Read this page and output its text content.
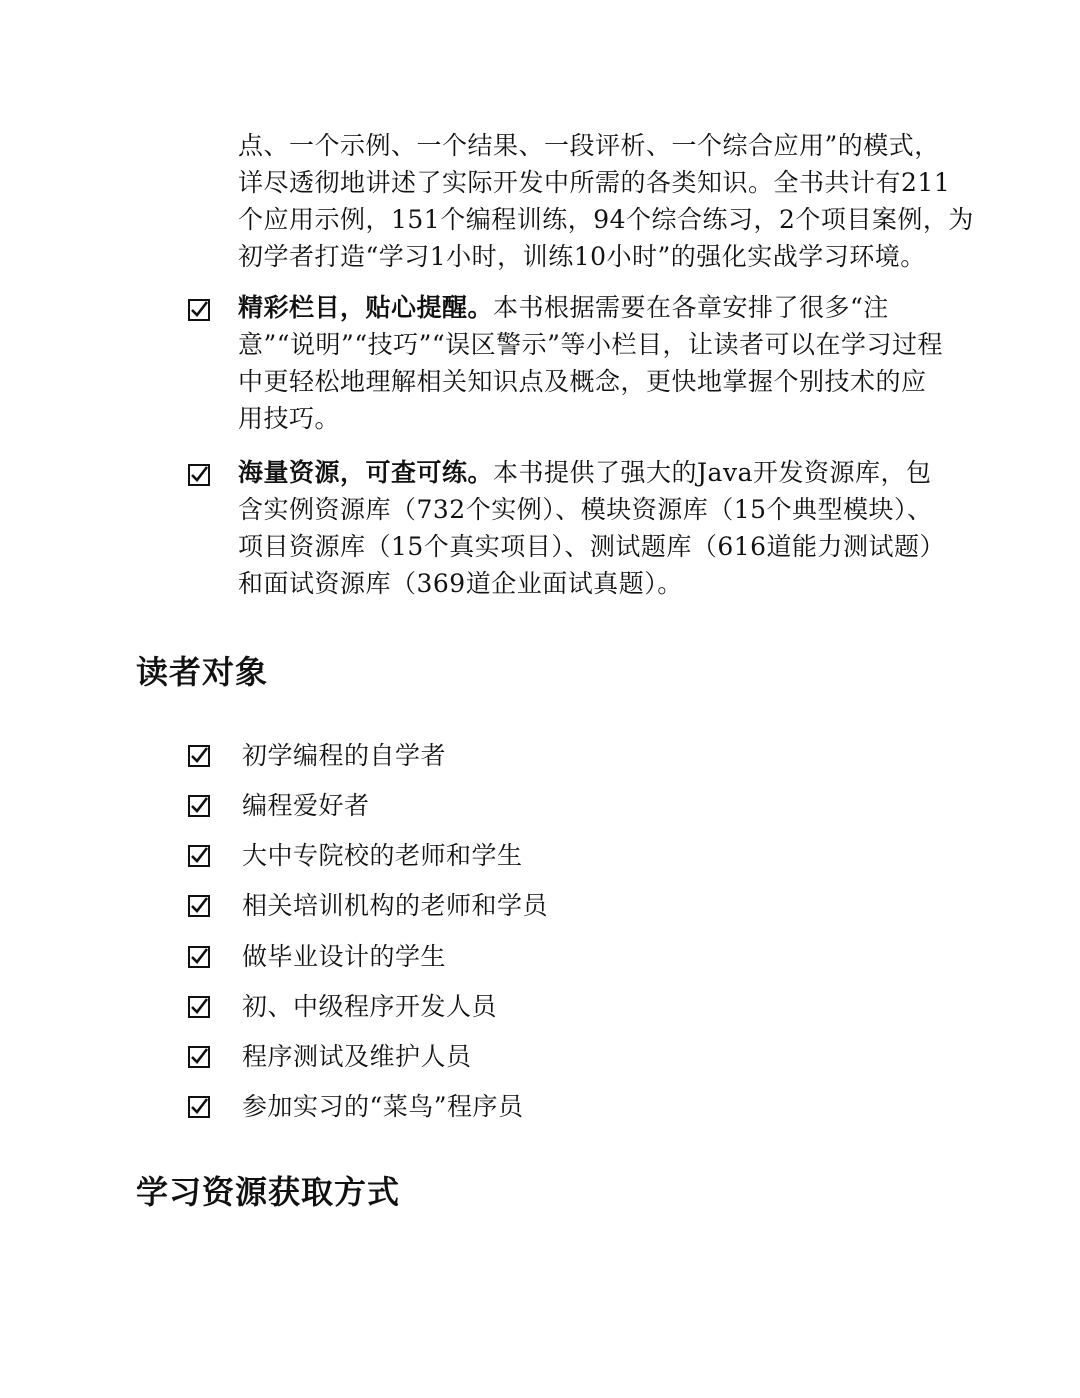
点、一个示例、一个结果、一段评析、一个综合应用”的模式，
详尽透彻地讲述了实际开发中所需的各类知识。全书共计有211
个应用示例，151个编程训练，94个综合练习，2个项目案例，为
初学者打造“学习1小时，训练10小时”的强化实战学习环境。
精彩栏目，贴心提醒。本书根据需要在各章安排了很多“注意”“说明”“技巧”“误区警示”等小栏目，让读者可以在学习过程中更轻松地理解相关知识点及概念，更快地掌握个别技术的应用技巧。
海量资源，可查可练。本书提供了强大的Java开发资源库，包含实例资源库（732个实例）、模块资源库（15个典型模块）、项目资源库（15个真实项目）、测试题库（616道能力测试题）和面试资源库（369道企业面试真题）。
读者对象
初学编程的自学者
编程爱好者
大中专院校的老师和学生
相关培训机构的老师和学员
做毕业设计的学生
初、中级程序开发人员
程序测试及维护人员
参加实习的“菜鸟”程序员
学习资源获取方式
